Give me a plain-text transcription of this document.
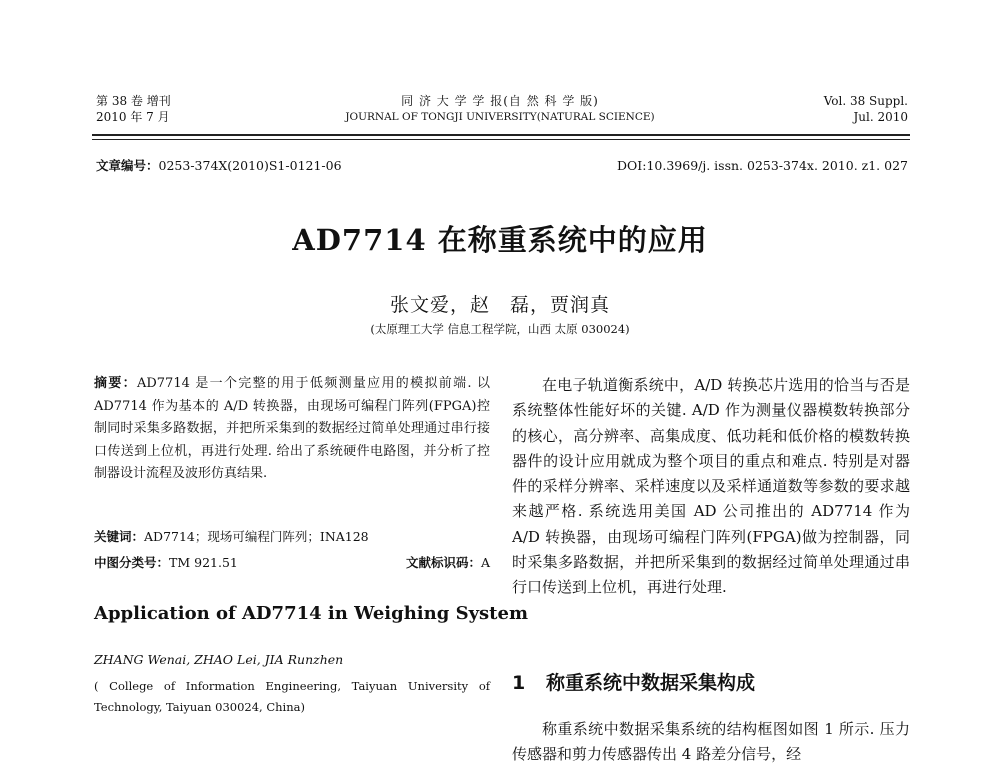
第 38 卷 增刊
2010 年 7 月
同 济 大 学 学 报(自 然 科 学 版)
JOURNAL OF TONGJI UNIVERSITY(NATURAL SCIENCE)
Vol. 38 Suppl.
Jul. 2010
文章编号：0253-374X(2010)S1-0121-06	DOI:10.3969/j. issn. 0253-374x. 2010. z1. 027
AD7714 在称重系统中的应用
张文爱，赵　磊，贾润真
(太原理工大学 信息工程学院，山西 太原 030024)
摘要：AD7714 是一个完整的用于低频测量应用的模拟前端. 以 AD7714 作为基本的 A/D 转换器，由现场可编程门阵列(FPGA)控制同时采集多路数据，并把所采集到的数据经过简单处理通过串行接口传送到上位机，再进行处理. 给出了系统硬件电路图，并分析了控制器设计流程及波形仿真结果.
关键词：AD7714；现场可编程门阵列；INA128
中图分类号：TM 921.51	文献标识码：A
Application of AD7714 in Weighing System
ZHANG Wenai, ZHAO Lei, JIA Runzhen
( College of Information Engineering, Taiyuan University of Technology, Taiyuan 030024, China)
在电子轨道衡系统中，A/D 转换芯片选用的恰当与否是系统整体性能好坏的关键. A/D 作为测量仪器模数转换部分的核心，高分辨率、高集成度、低功耗和低价格的模数转换器件的设计应用就成为整个项目的重点和难点. 特别是对器件的采样分辨率、采样速度以及采样通道数等参数的要求越来越严格. 系统选用美国 AD 公司推出的 AD7714 作为 A/D 转换器，由现场可编程门阵列(FPGA)做为控制器，同时采集多路数据，并把所采集到的数据经过简单处理通过串行口传送到上位机，再进行处理.
1 称重系统中数据采集构成
称重系统中数据采集系统的结构框图如图 1 所示. 压力传感器和剪力传感器传出 4 路差分信号，经
